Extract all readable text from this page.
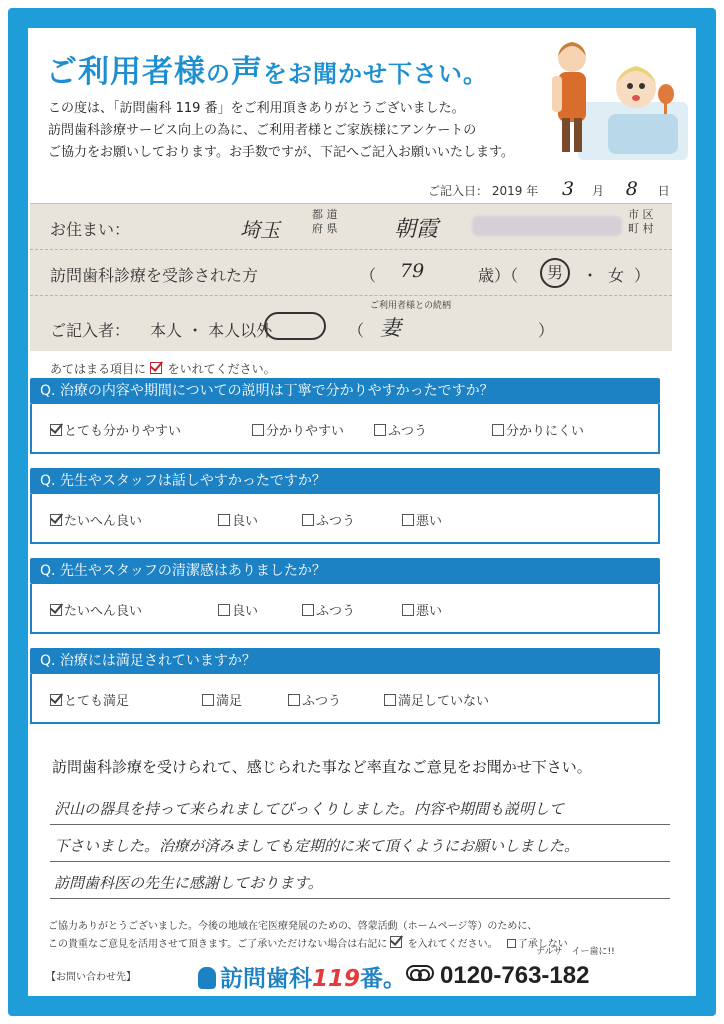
ご利用者様の声をお聞かせ下さい。

この度は、「訪問歯科 119 番」をご利用頂きありがとうございました。

訪問歯科診療サービス向上の為に、ご利用者様とご家族様にアンケートの

ご協力をお願いしております。お手数ですが、下記へご記入お願いいたします。

ご記入日： 2019 年 3 月 8 日
お住まい：	埼玉
都 道
府 県	朝霞
市 区
町 村
訪問歯科診療を受診された方	（ 79	歳）（	男	・ 女 ）
ご記入者： 本人 ・ 本人以外
ご利用者様との続柄
（ 妻	）
あてはまる項目に をいれてください。
Q. 治療の内容や期間についての説明は丁寧で分かりやすかったですか？
とても分かりやすい	分かりやすい	ふつう	分かりにくい
Q. 先生やスタッフは話しやすかったですか？
たいへん良い	良い	ふつう	悪い
Q. 先生やスタッフの清潔感はありましたか？
たいへん良い	良い	ふつう	悪い
Q. 治療には満足されていますか？
とても満足	満足	ふつう	満足していない
訪問歯科診療を受けられて、感じられた事など率直なご意見をお聞かせ下さい。
沢山の器具を持って来られましてびっくりしました。内容や期間も説明して
下さいました。治療が済みましても定期的に来て頂くようにお願いしました。
訪問歯科医の先生に感謝しております。

ご協力ありがとうございました。今後の地域在宅医療発展のための、啓蒙活動（ホームページ等）のために、

この貴重なご意見を活用させて頂きます。ご了承いただけない場合は右記に を入れてください。 了承しない

【お問い合わせ先】	訪問歯科119番。
ナルサ　イー歯に!!
0120-763-182
